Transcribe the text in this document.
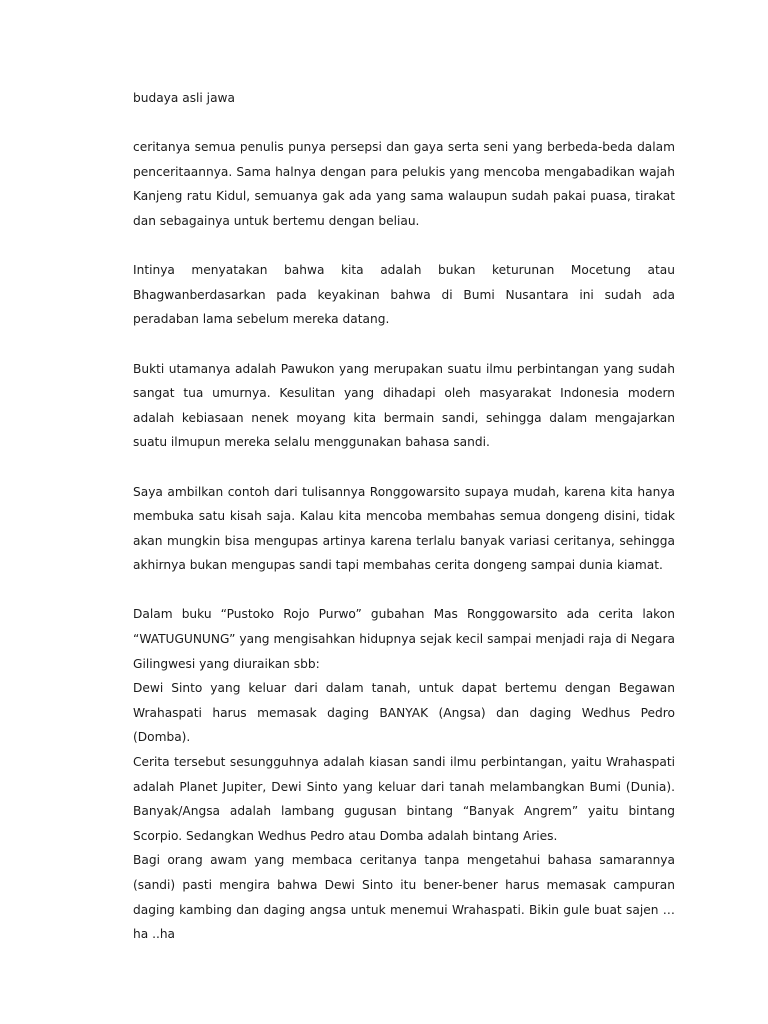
budaya asli jawa

ceritanya semua penulis punya persepsi dan gaya serta seni yang berbeda-beda dalam penceritaannya. Sama halnya dengan para pelukis yang mencoba mengabadikan wajah Kanjeng ratu Kidul, semuanya gak ada yang sama walaupun sudah pakai puasa, tirakat dan sebagainya untuk bertemu dengan beliau.

Intinya menyatakan bahwa kita adalah bukan keturunan Mocetung atau Bhagwanberdasarkan pada keyakinan bahwa di Bumi Nusantara ini sudah ada peradaban lama sebelum mereka datang.

Bukti utamanya adalah Pawukon yang merupakan suatu ilmu perbintangan yang sudah sangat tua umurnya. Kesulitan yang dihadapi oleh masyarakat Indonesia modern adalah kebiasaan nenek moyang kita bermain sandi, sehingga dalam mengajarkan suatu ilmupun mereka selalu menggunakan bahasa sandi.

Saya ambilkan contoh dari tulisannya Ronggowarsito supaya mudah, karena kita hanya membuka satu kisah saja. Kalau kita mencoba membahas semua dongeng disini, tidak akan mungkin bisa mengupas artinya karena terlalu banyak variasi ceritanya, sehingga akhirnya bukan mengupas sandi tapi membahas cerita dongeng sampai dunia kiamat.

Dalam buku “Pustoko Rojo Purwo” gubahan Mas Ronggowarsito ada cerita lakon “WATUGUNUNG” yang mengisahkan hidupnya sejak kecil sampai menjadi raja di Negara Gilingwesi yang diuraikan sbb:

Dewi Sinto yang keluar dari dalam tanah, untuk dapat bertemu dengan Begawan Wrahaspati harus memasak daging BANYAK (Angsa) dan daging Wedhus Pedro (Domba).

Cerita tersebut sesungguhnya adalah kiasan sandi ilmu perbintangan, yaitu Wrahaspati adalah Planet Jupiter, Dewi Sinto yang keluar dari tanah melambangkan Bumi (Dunia). Banyak/Angsa adalah lambang gugusan bintang “Banyak Angrem” yaitu bintang Scorpio. Sedangkan Wedhus Pedro atau Domba adalah bintang Aries.

Bagi orang awam yang membaca ceritanya tanpa mengetahui bahasa samarannya (sandi) pasti mengira bahwa Dewi Sinto itu bener-bener harus memasak campuran daging kambing dan daging angsa untuk menemui Wrahaspati. Bikin gule buat sajen … ha ..ha
